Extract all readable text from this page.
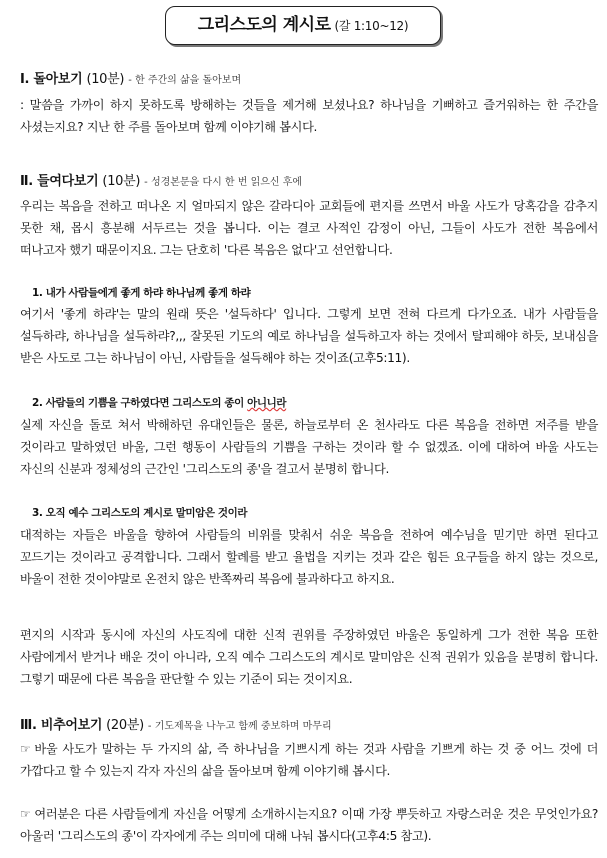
그리스도의 계시로 (갈 1:10~12)
Ⅰ. 돌아보기 (10분) - 한 주간의 삶을 돌아보며
: 말씀을 가까이 하지 못하도록 방해하는 것들을 제거해 보셨나요? 하나님을 기뻐하고 즐거워하는 한 주간을 사셨는지요? 지난 한 주를 돌아보며 함께 이야기해 봅시다.
Ⅱ. 들여다보기 (10분) - 성경본문을 다시 한 번 읽으신 후에
우리는 복음을 전하고 떠나온 지 얼마되지 않은 갈라디아 교회들에 편지를 쓰면서 바울 사도가 당혹감을 감추지 못한 채, 몹시 흥분해 서두르는 것을 봅니다. 이는 결코 사적인 감정이 아닌, 그들이 사도가 전한 복음에서 떠나고자 했기 때문이지요. 그는 단호히 '다른 복음은 없다'고 선언합니다.
1. 내가 사람들에게 좋게 하랴 하나님께 좋게 하랴
여기서 '좋게 하랴'는 말의 원래 뜻은 '설득하다' 입니다. 그렇게 보면 전혀 다르게 다가오죠. 내가 사람들을 설득하랴, 하나님을 설득하랴?,,, 잘못된 기도의 예로 하나님을 설득하고자 하는 것에서 탈피해야 하듯, 보내심을 받은 사도로 그는 하나님이 아닌, 사람들을 설득해야 하는 것이죠(고후5:11).
2. 사람들의 기쁨을 구하였다면 그리스도의 종이 아니니라
실제 자신을 돌로 쳐서 박해하던 유대인들은 물론, 하늘로부터 온 천사라도 다른 복음을 전하면 저주를 받을 것이라고 말하였던 바울, 그런 행동이 사람들의 기쁨을 구하는 것이라 할 수 없겠죠. 이에 대하여 바울 사도는 자신의 신분과 정체성의 근간인 '그리스도의 종'을 걸고서 분명히 합니다.
3. 오직 예수 그리스도의 계시로 말미암은 것이라
대적하는 자들은 바울을 향하여 사람들의 비위를 맞춰서 쉬운 복음을 전하여 예수님을 믿기만 하면 된다고 꼬드기는 것이라고 공격합니다. 그래서 할례를 받고 율법을 지키는 것과 같은 힘든 요구들을 하지 않는 것으로, 바울이 전한 것이야말로 온전치 않은 반쪽짜리 복음에 불과하다고 하지요.
편지의 시작과 동시에 자신의 사도직에 대한 신적 권위를 주장하였던 바울은 동일하게 그가 전한 복음 또한 사람에게서 받거나 배운 것이 아니라, 오직 예수 그리스도의 계시로 말미암은 신적 권위가 있음을 분명히 합니다. 그렇기 때문에 다른 복음을 판단할 수 있는 기준이 되는 것이지요.
Ⅲ. 비추어보기 (20분) - 기도제목을 나누고 함께 중보하며 마무리
☞ 바울 사도가 말하는 두 가지의 삶, 즉 하나님을 기쁘시게 하는 것과 사람을 기쁘게 하는 것 중 어느 것에 더 가깝다고 할 수 있는지 각자 자신의 삶을 돌아보며 함께 이야기해 봅시다.
☞ 여러분은 다른 사람들에게 자신을 어떻게 소개하시는지요? 이때 가장 뿌듯하고 자랑스러운 것은 무엇인가요? 아울러 '그리스도의 종'이 각자에게 주는 의미에 대해 나눠 봅시다(고후4:5 참고).
